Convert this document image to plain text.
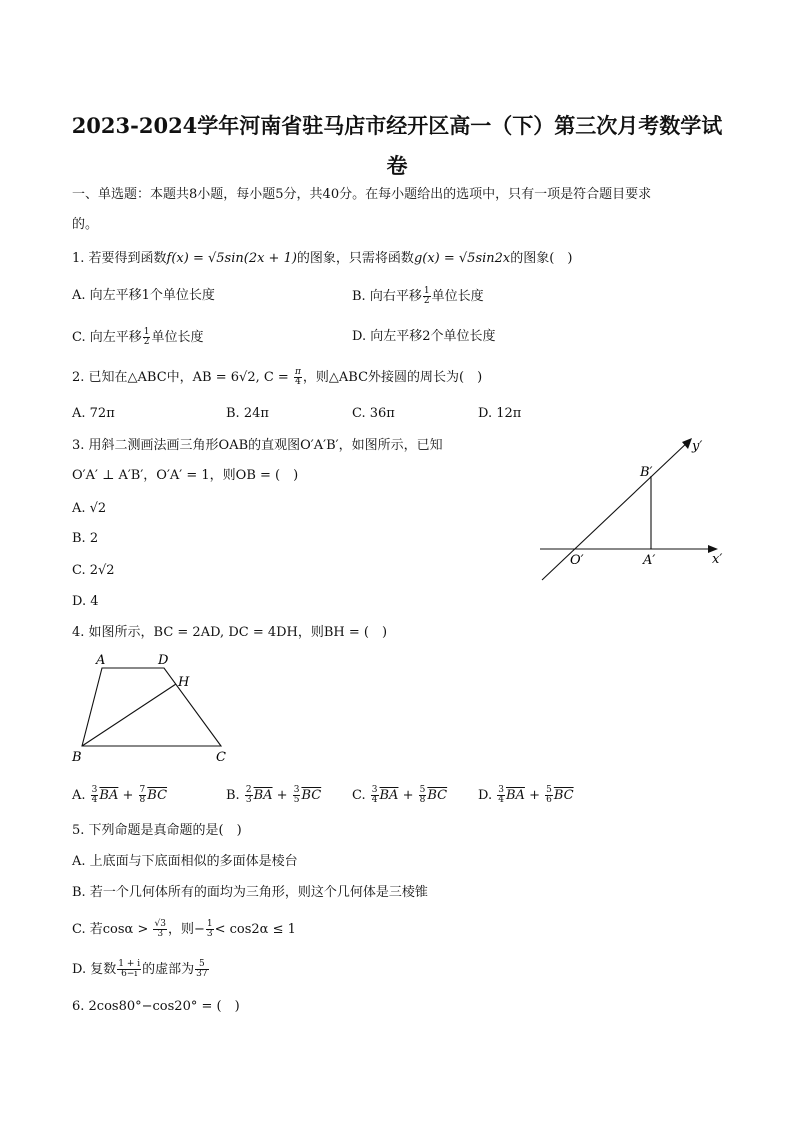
2023-2024学年河南省驻马店市经开区高一（下）第三次月考数学试
卷
一、单选题：本题共8小题，每小题5分，共40分。在每小题给出的选项中，只有一项是符合题目要求
的。
1. 若要得到函数f(x) = √5sin(2x + 1)的图象，只需将函数g(x) = √5sin2x的图象(　)
A. 向左平移1个单位长度	B. 向右平移 $\frac{1}{2}$ 单位长度
C. 向左平移 $\frac{1}{2}$ 单位长度	D. 向左平移2个单位长度
2. 已知在△ABC中，AB = 6√2, $C = \frac{\pi}{4}$ ，则△ABC外接圆的周长为(　)
A. 72π	B. 24π	C. 36π	D. 12π
3. 用斜二测画法画三角形OAB的直观图O′A′B′，如图所示，已知
O′A′ ⊥ A′B′，O′A′ = 1，则OB = (　)
A. √2
B. 2
C. 2√2
D. 4
y′
x′
B′
O′	A′
4. 如图所示，BC = 2AD, DC = 4DH，则BH = (　)
A	D
H
B	C
A. $\frac{3}{4} \overline{BA} + \frac{7}{8} \overline{BC}$	B. $\frac{2}{3} \overline{BA} + \frac{3}{5} \overline{BC}$ C. $\frac{3}{4} \overline{BA} + \frac{5}{8} \overline{BC}$ D. $\frac{3}{4} \overline{BA} + \frac{5}{6} \overline{BC}$
5. 下列命题是真命题的是(　)
A. 上底面与下底面相似的多面体是棱台
B. 若一个几何体所有的面均为三角形，则这个几何体是三棱锥
C. 若$\cos\alpha > \frac{√3}{3}$ ，则− $\frac{1}{3} < \cos 2\alpha \le 1$
D. 复数 $\frac{1 + i}{6-i}$ 的虚部为 $\frac{5}{37}$
6. 2cos80°−cos20° = (　)
